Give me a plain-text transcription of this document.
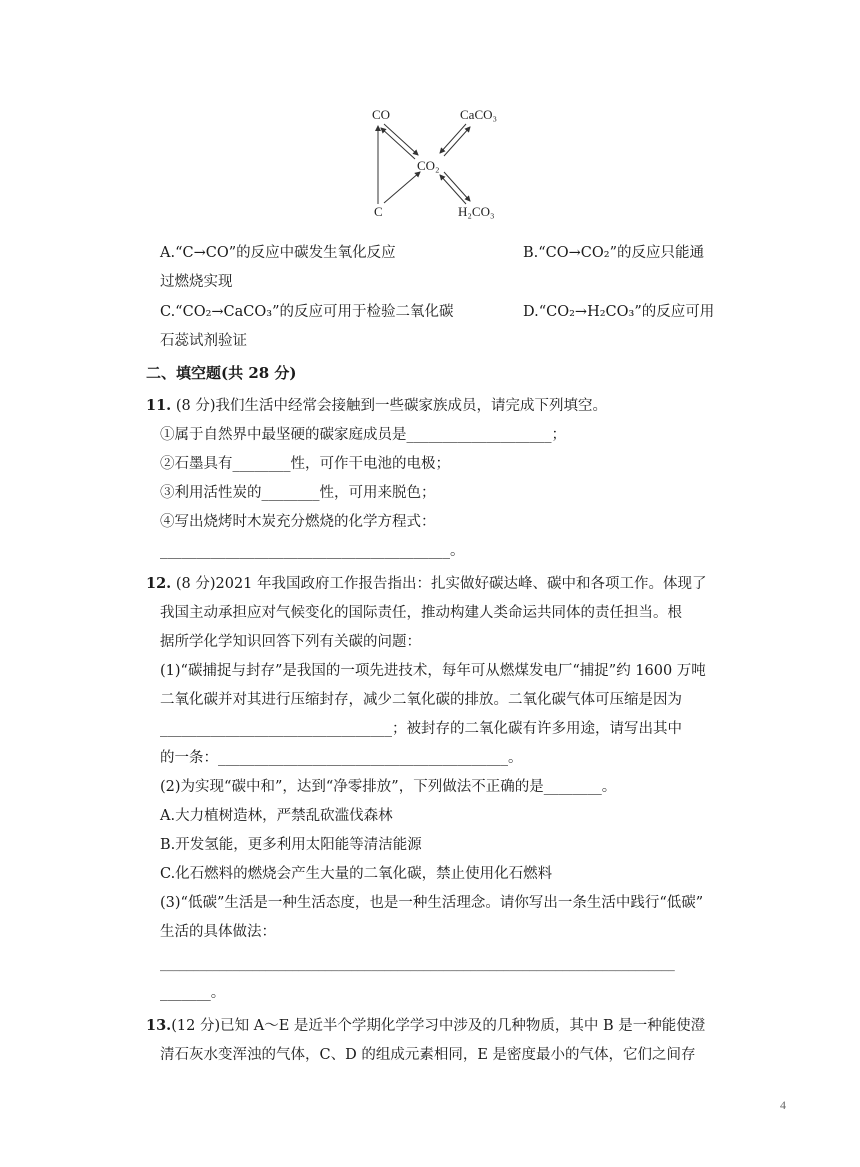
CO	CaCO₃
CO₂
C	H₂CO₃
A.“C→CO”的反应中碳发生氧化反应	B.“CO→CO₂”的反应只能通
过燃烧实现
C.“CO₂→CaCO₃”的反应可用于检验二氧化碳	D.“CO₂→H₂CO₃”的反应可用
石蕊试剂验证
二、填空题(共 28 分)
11. (8 分)我们生活中经常会接触到一些碳家族成员，请完成下列填空。
①属于自然界中最坚硬的碳家庭成员是____________________；
②石墨具有________性，可作干电池的电极；
③利用活性炭的________性，可用来脱色；
④写出烧烤时木炭充分燃烧的化学方程式：
________________________________________。
12. (8 分)2021 年我国政府工作报告指出：扎实做好碳达峰、碳中和各项工作。体现了
我国主动承担应对气候变化的国际责任，推动构建人类命运共同体的责任担当。根
据所学化学知识回答下列有关碳的问题：
(1)“碳捕捉与封存”是我国的一项先进技术，每年可从燃煤发电厂“捕捉”约 1600 万吨
二氧化碳并对其进行压缩封存，减少二氧化碳的排放。二氧化碳气体可压缩是因为
________________________________；被封存的二氧化碳有许多用途，请写出其中
的一条：________________________________________。
(2)为实现“碳中和”，达到“净零排放”，下列做法不正确的是________。
A.大力植树造林，严禁乱砍滥伐森林
B.开发氢能，更多利用太阳能等清洁能源
C.化石燃料的燃烧会产生大量的二氧化碳，禁止使用化石燃料
(3)“低碳”生活是一种生活态度，也是一种生活理念。请你写出一条生活中践行“低碳”
生活的具体做法：
______________________________________________________________________________
_______。
13.(12 分)已知 A～E 是近半个学期化学学习中涉及的几种物质，其中 B 是一种能使澄
清石灰水变浑浊的气体，C、D 的组成元素相同，E 是密度最小的气体，它们之间存
4
